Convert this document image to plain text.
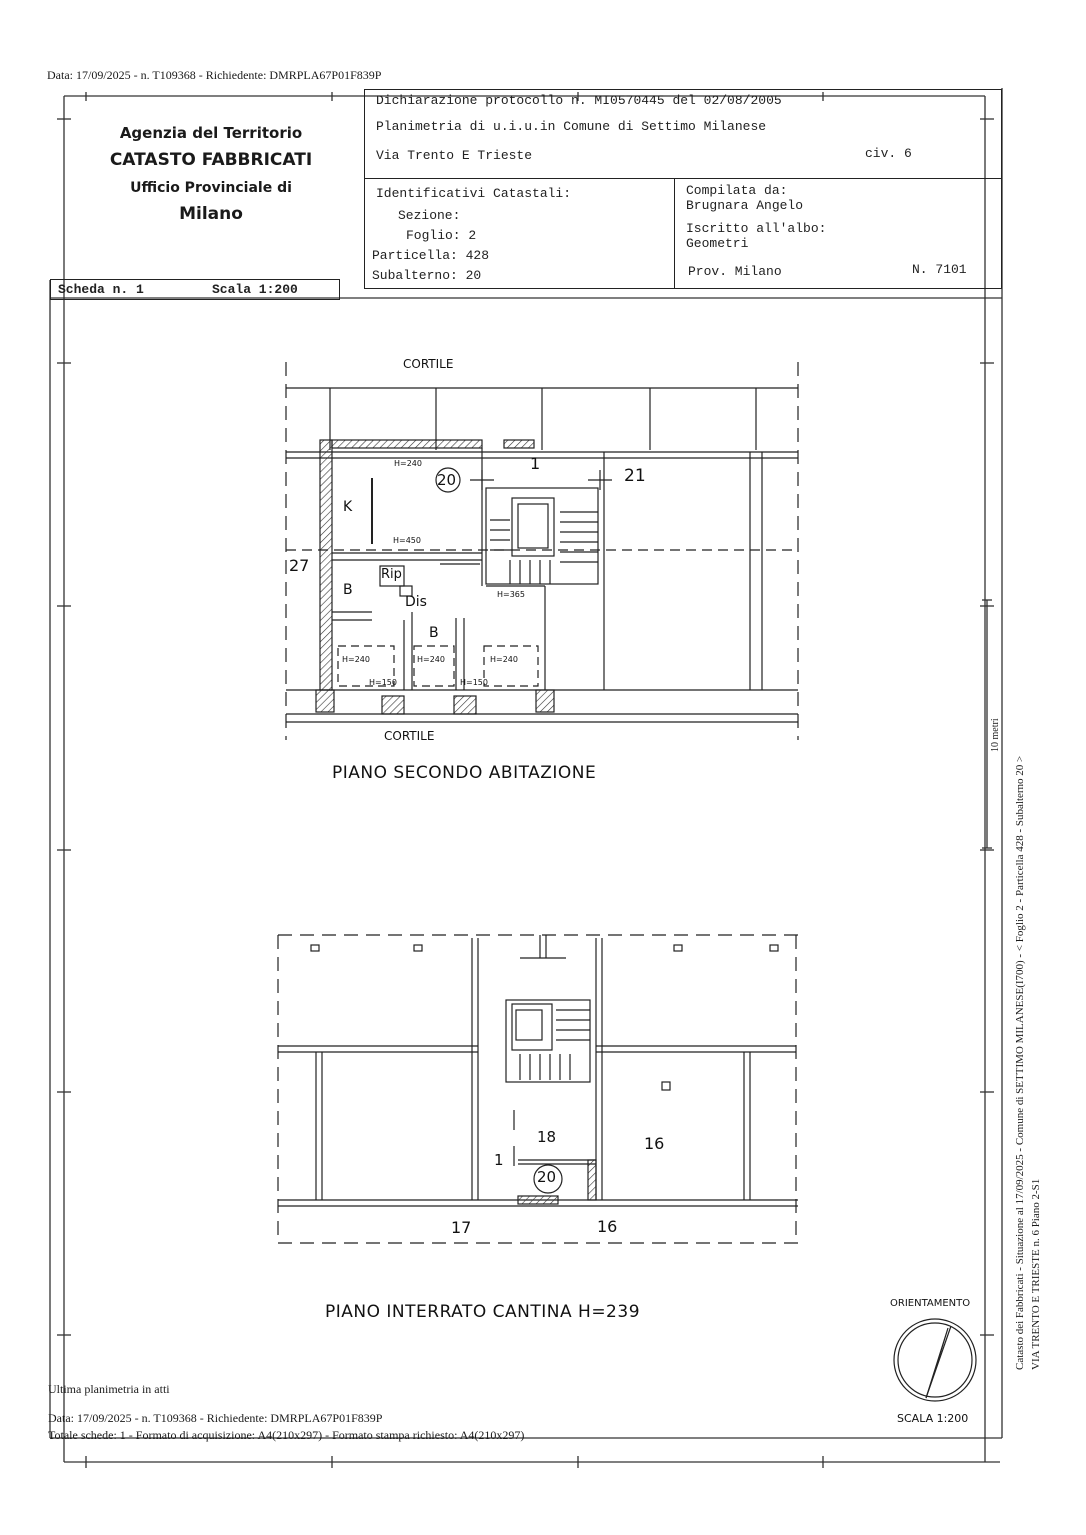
Data: 17/09/2025 - n. T109368 - Richiedente: DMRPLA67P01F839P
Agenzia del Territorio
CATASTO FABBRICATI
Ufficio Provinciale di
Milano
Dichiarazione protocollo n. MI0570445 del 02/08/2005
Planimetria di u.i.u.in Comune di Settimo Milanese
Via Trento E Trieste	civ. 6
Identificativi Catastali:
Sezione:
Foglio: 2
Particella: 428
Subalterno: 20
Compilata da:
Brugnara Angelo
Iscritto all'albo:
Geometri
Prov. Milano	N. 7101
Scheda n. 1	Scala 1:200
CORTILE
CORTILE
20
1
21
27
K
B
B
Rip
Dis
H=240
H=450
H=365
H=240	H=240	H=240
H=150	H=150
PIANO SECONDO ABITAZIONE
18	16
1
20
17	16
PIANO INTERRATO CANTINA H=239	ORIENTAMENTO
SCALA 1:200
Catasto dei Fabbricati - Situazione al 17/09/2025 - Comune di SETTIMO MILANESE(I700) - < Foglio 2 - Particella 428 - Subalterno 20 > VIA TRENTO E TRIESTE n. 6 Piano 2-S1
10 metri
Ultima planimetria in atti
Data: 17/09/2025 - n. T109368 - Richiedente: DMRPLA67P01F839P
Totale schede: 1 - Formato di acquisizione: A4(210x297) - Formato stampa richiesto: A4(210x297)
